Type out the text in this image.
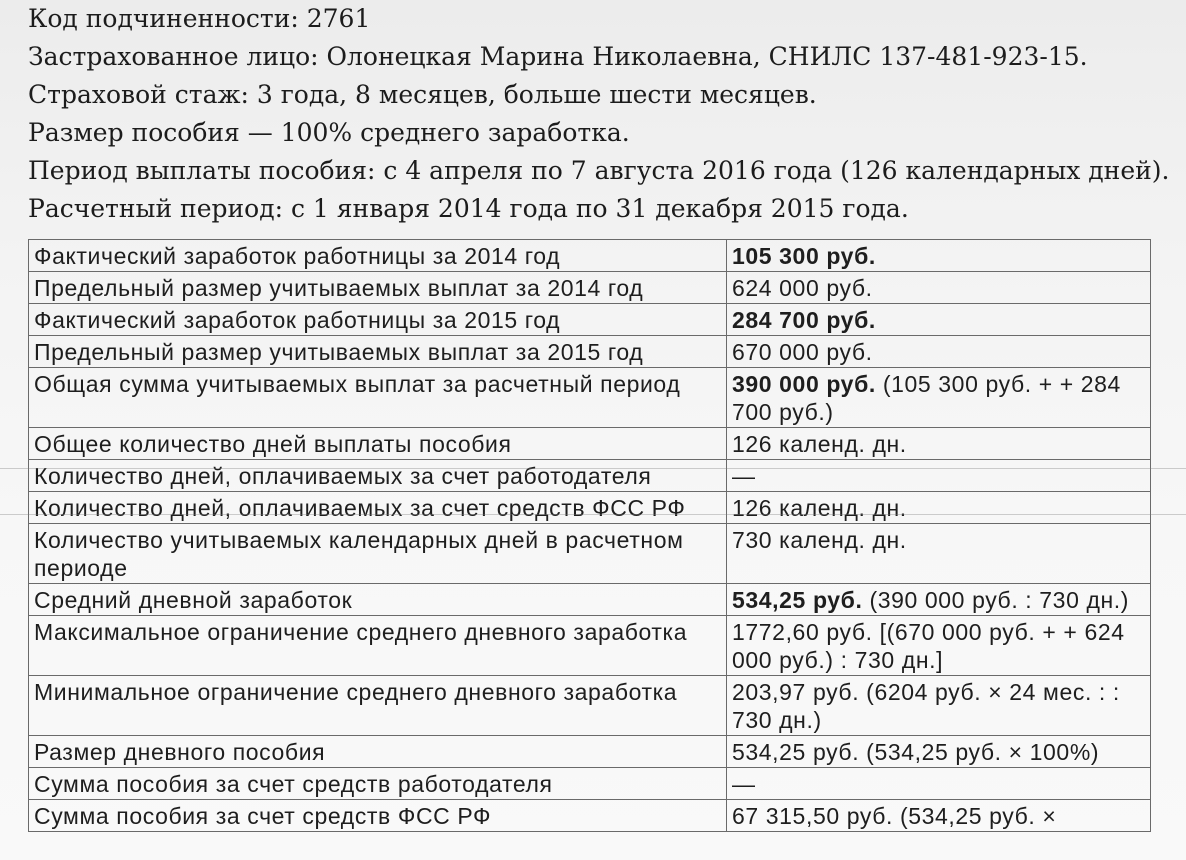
Код подчиненности: 2761

Застрахованное лицо: Олонецкая Марина Николаевна, СНИЛС 137-481-923-15.

Страховой стаж: 3 года, 8 месяцев, больше шести месяцев.

Размер пособия — 100% среднего заработка.

Период выплаты пособия: с 4 апреля по 7 августа 2016 года (126 календарных дней).

Расчетный период: с 1 января 2014 года по 31 декабря 2015 года.

Фактический заработок работницы за 2014 год	105 300 руб.
Предельный размер учитываемых выплат за 2014 год	624 000 руб.
Фактический заработок работницы за 2015 год	284 700 руб.
Предельный размер учитываемых выплат за 2015 год	670 000 руб.
Общая сумма учитываемых выплат за расчетный период	390 000 руб. (105 300 руб. + + 284 700 руб.)
Общее количество дней выплаты пособия	126 календ. дн.
Количество дней, оплачиваемых за счет работодателя	—
Количество дней, оплачиваемых за счет средств ФСС РФ	126 календ. дн.
Количество учитываемых календарных дней в расчетном периоде	730 календ. дн.
Средний дневной заработок	534,25 руб. (390 000 руб. : 730 дн.)
Максимальное ограничение среднего дневного заработка	1772,60 руб. [(670 000 руб. + + 624 000 руб.) : 730 дн.]
Минимальное ограничение среднего дневного заработка	203,97 руб. (6204 руб. × 24 мес. : : 730 дн.)
Размер дневного пособия	534,25 руб. (534,25 руб. × 100%)
Сумма пособия за счет средств работодателя	—
Сумма пособия за счет средств ФСС РФ	67 315,50 руб. (534,25 руб. ×
